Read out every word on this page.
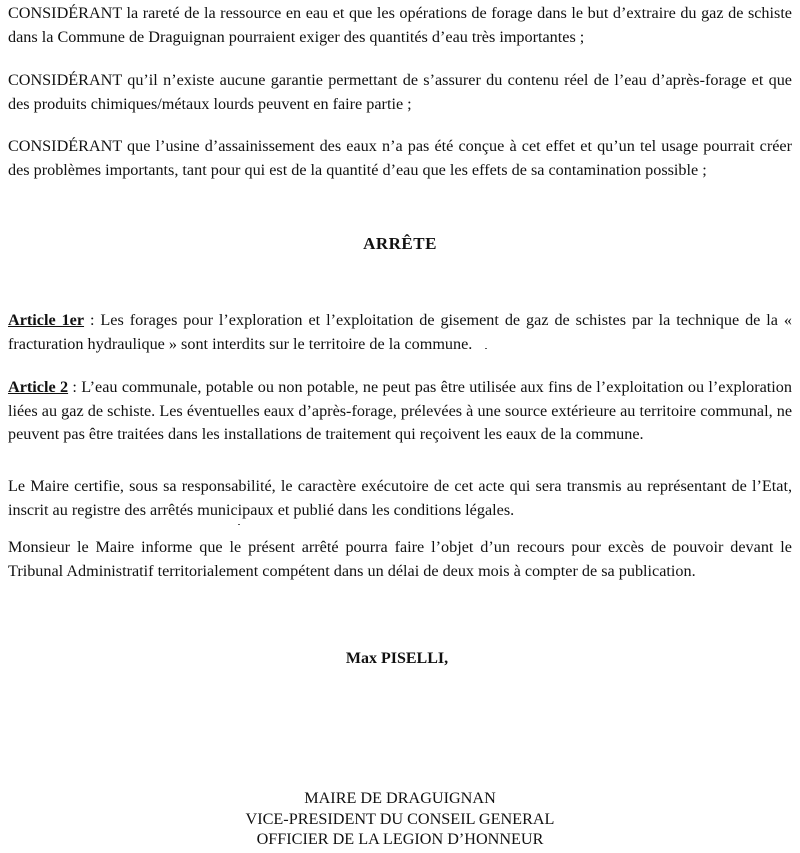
CONSIDÉRANT la rareté de la ressource en eau et que les opérations de forage dans le but d’extraire du gaz de schiste dans la Commune de Draguignan pourraient exiger des quantités d’eau très importantes ;

CONSIDÉRANT qu’il n’existe aucune garantie permettant de s’assurer du contenu réel de l’eau d’après-forage et que des produits chimiques/métaux lourds peuvent en faire partie ;

CONSIDÉRANT que l’usine d’assainissement des eaux n’a pas été conçue à cet effet et qu’un tel usage pourrait créer des problèmes importants, tant pour qui est de la quantité d’eau que les effets de sa contamination possible ;

ARRÊTE

Article 1er : Les forages pour l’exploration et l’exploitation de gisement de gaz de schistes par la technique de la « fracturation hydraulique » sont interdits sur le territoire de la commune.

Article 2 : L’eau communale, potable ou non potable, ne peut pas être utilisée aux fins de l’exploitation ou l’exploration liées au gaz de schiste. Les éventuelles eaux d’après-forage, prélevées à une source extérieure au territoire communal, ne peuvent pas être traitées dans les installations de traitement qui reçoivent les eaux de la commune.

Le Maire certifie, sous sa responsabilité, le caractère exécutoire de cet acte qui sera transmis au représentant de l’Etat, inscrit au registre des arrêtés municipaux et publié dans les conditions légales.

Monsieur le Maire informe que le présent arrêté pourra faire l’objet d’un recours pour excès de pouvoir devant le Tribunal Administratif territorialement compétent dans un délai de deux mois à compter de sa publication.

Max PISELLI,
MAIRE DE DRAGUIGNAN
VICE-PRESIDENT DU CONSEIL GENERAL
OFFICIER DE LA LEGION D’HONNEUR
